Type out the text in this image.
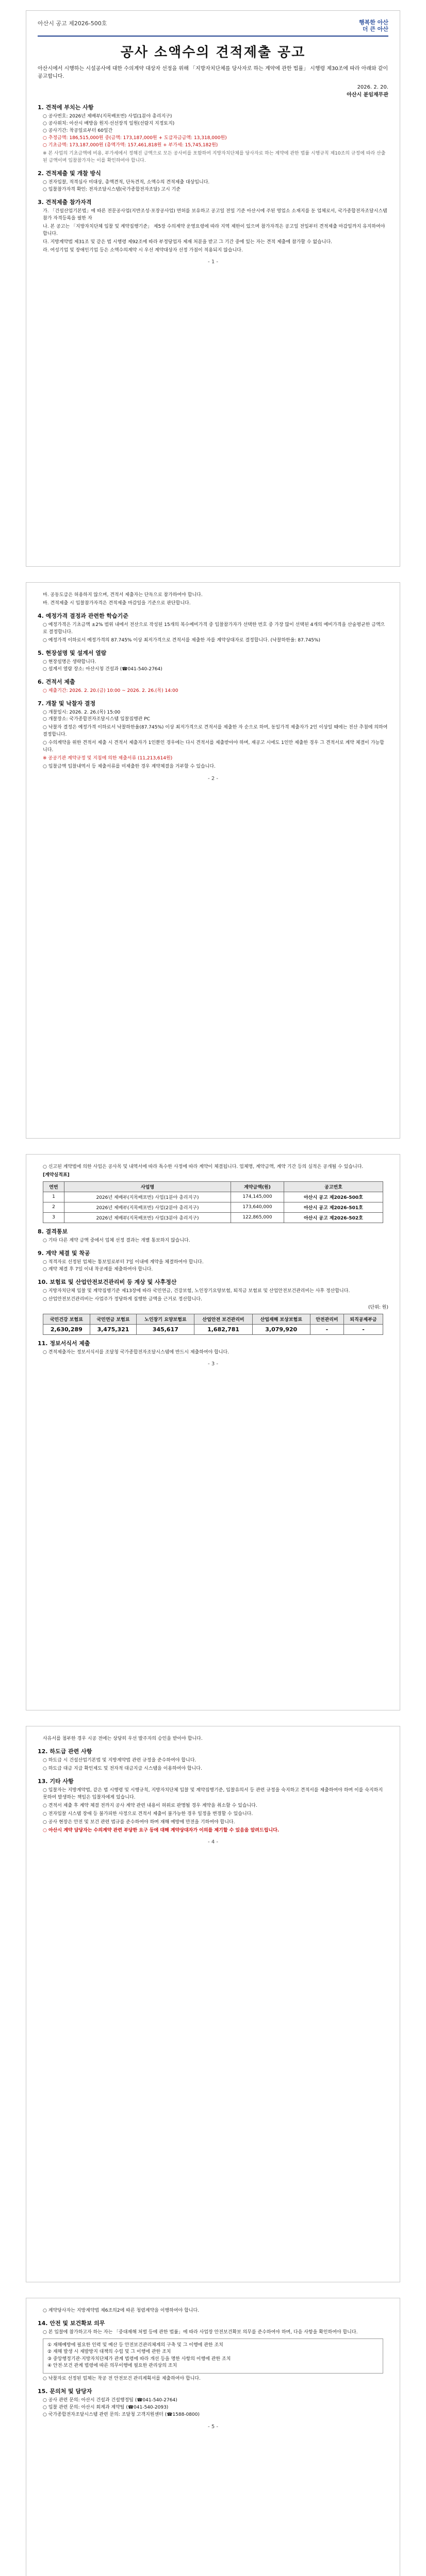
아산시 공고 제2026-500호	행복한 아산
더 큰 아산
공사 소액수의 견적제출 공고
아산시에서 시행하는 시설공사에 대한 수의계약 대상자 선정을 위해 「지방자치단체를 당사자로 하는 계약에 관한 법률」 시행령 제30조에 따라 아래와 같이 공고합니다.
2026. 2. 20.
아산시 분임재무관
1. 견적에 부치는 사항
○ 공사번호: 2026년 제배부(지목배포번) 사업(1분야 총리지구)
○ 공사위치: 아산시 배방읍 원지·선선장직 일원(선람지 지정토지)
○ 공사기간: 착공일로부터 60일간
○ 추정금액: 186,515,000원 중(금액: 173,187,000원 + 도급자금금액: 13,318,000원)
○ 기초금액: 173,187,000원 (총액가액: 157,461,818원 + 부가세: 15,745,182원)
※ 본 사업의 기초금액에 비용, 부가세에서 정해진 금액으로 모든 공사비를 포함하여 지방자치단체를 당사자로 하는 계약에 관한 법률 시행규칙 제10조의 규정에 따라 산출된 금액이며 입찰참가자는 이를 확인하여야 합니다.
2. 견적제출 및 개찰 방식
○ 전자입찰, 적격심사 미대상, 총액견적, 단독견적, 소액수의 견적제출 대상입니다.
○ 입찰참가자격 확인: 전자조달시스템(국가종합전자조달) 고시 기준
3. 견적제출 참가자격
가. 「건설산업기본법」에 따른 전문공사업(지반조성·포장공사업) 면허를 보유하고 공고일 전일 기준 아산시에 주된 영업소 소재지를 둔 업체로서, 국가종합전자조달시스템 참가 자격등록을 필한 자
나. 본 공고는 「지방자치단체 입찰 및 계약집행기준」 제5장 수의계약 운영요령에 따라 지역 제한이 있으며 참가자격은 공고일 전일부터 견적제출 마감일까지 유지하여야 합니다.
다. 지방계약법 제31조 및 같은 법 시행령 제92조에 따라 부정당업자 제재 처분을 받고 그 기간 중에 있는 자는 견적 제출에 참가할 수 없습니다.
라. 여성기업 및 장애인기업 등은 소액수의계약 시 우선 계약대상자 선정 가점이 적용되지 않습니다.
- 1 -
마. 공동도급은 허용하지 않으며, 견적서 제출자는 단독으로 참가하여야 합니다.
바. 견적제출 시 입찰참가자격은 견적제출 마감일을 기준으로 판단합니다.
4. 예정가격 결정과 관련한 학습기준
○ 예정가격은 기초금액 ±2% 범위 내에서 전산으로 작성된 15개의 복수예비가격 중 입찰참가자가 선택한 번호 중 가장 많이 선택된 4개의 예비가격을 산술평균한 금액으로 결정합니다.
○ 예정가격 이하로서 예정가격의 87.745% 이상 최저가격으로 견적서를 제출한 자를 계약상대자로 결정합니다. (낙찰하한율: 87.745%)
5. 현장설명 및 설계서 열람
○ 현장설명은 생략합니다.
○ 설계서 열람 장소: 아산시청 건설과 (☎041-540-2764)
6. 견적서 제출
○ 제출기간: 2026. 2. 20.(금) 10:00 ~ 2026. 2. 26.(목) 14:00
7. 개찰 및 낙찰자 결정
○ 개찰일시: 2026. 2. 26.(목) 15:00
○ 개찰장소: 국가종합전자조달시스템 입찰집행관 PC
○ 낙찰자 결정은 예정가격 이하로서 낙찰하한율(87.745%) 이상 최저가격으로 견적서를 제출한 자 순으로 하며, 동일가격 제출자가 2인 이상일 때에는 전산 추첨에 의하여 결정합니다.
○ 수의계약을 위한 견적서 제출 시 견적서 제출자가 1인뿐인 경우에는 다시 견적서를 제출받아야 하며, 재공고 시에도 1인만 제출한 경우 그 견적서로 계약 체결이 가능합니다.
※ 공공기관 계약규정 및 지침에 의한 제출서류 (11,213,614원)
○ 입찰금액 입찰내역서 등 제출서류를 미제출한 경우 계약체결을 거부할 수 있습니다.
- 2 -
○ 신고된 계약법에 의한 사업은 공사목 및 내역서에 따라 특수한 사정에 따라 계약이 체결됩니다. 업체명, 계약금액, 계약 기간 등의 실적은 공개될 수 있습니다.
[계약실적표]
연번	사업명	계약금액(원)	공고번호
1	2026년 제배부(지목배포번) 사업(1분야 총리지구)	174,145,000	아산시 공고 제2026-500호
2	2026년 제배부(지목배포번) 사업(2분야 총리지구)	173,640,000	아산시 공고 제2026-501호
3	2026년 제배부(지목배포번) 사업(3분야 총리지구)	122,865,000	아산시 공고 제2026-502호
8. 결격통보
○ 기타 다른 계약 금액 중에서 업체 선정 결과는 개별 통보하지 않습니다.
9. 계약 체결 및 착공
○ 적격자로 선정된 업체는 통보일로부터 7일 이내에 계약을 체결하여야 합니다.
○ 계약 체결 후 7일 이내 착공계를 제출하여야 합니다.
10. 보험료 및 산업안전보건관리비 등 계상 및 사후정산
○ 지방자치단체 입찰 및 계약집행기준 제13장에 따라 국민연금, 건강보험, 노인장기요양보험, 퇴직금 보험료 및 산업안전보건관리비는 사후 정산합니다.
○ 산업안전보건관리비는 사업주가 정당하게 집행한 금액을 근거로 정산합니다.
(단위: 원)
국민건강 보험료	국민연금 보험료	노인장기 요양보험료	산업안전 보건관리비	산업재해 보상보험료	안전관리비	퇴직공제부금
2,630,289	3,475,321	345,617	1,682,781	3,079,920	-	-
11. 정보서식서 제출
○ 견적제출자는 정보서식서를 조달청 국가종합전자조달시스템에 반드시 제출하여야 합니다.
- 3 -
사유서를 첨부한 경우 시공 전에는 상당히 우선 발주자의 승인을 받아야 합니다.
12. 하도급 관련 사항
○ 하도급 시 건설산업기본법 및 지방계약법 관련 규정을 준수하여야 합니다.
○ 하도급 대금 지급 확인제도 및 전자적 대금지급 시스템을 이용하여야 합니다.
13. 기타 사항
○ 입찰자는 지방계약법, 같은 법 시행령 및 시행규칙, 지방자치단체 입찰 및 계약집행기준, 입찰유의서 등 관련 규정을 숙지하고 견적서를 제출하여야 하며 이를 숙지하지 못하여 발생하는 책임은 입찰자에게 있습니다.
○ 견적서 제출 후 계약 체결 전까지 공사 계약 관련 내용이 허위로 판명될 경우 계약을 취소할 수 있습니다.
○ 전자입찰 시스템 장애 등 불가피한 사정으로 견적서 제출이 불가능한 경우 일정을 변경할 수 있습니다.
○ 공사 현장은 안전 및 보건 관련 법규를 준수하여야 하며 재해 예방에 만전을 기하여야 합니다.
○ 아산시 계약 담당자는 수의계약 관련 부당한 요구 등에 대해 계약상대자가 이의를 제기할 수 있음을 알려드립니다.
- 4 -
○ 계약당사자는 지방계약법 제6조의2에 따른 청렴계약을 이행하여야 합니다.
14. 안전 및 보건확보 의무
○ 본 입찰에 참가하고자 하는 자는 「중대재해 처벌 등에 관한 법률」에 따라 사업장 안전보건확보 의무를 준수하여야 하며, 다음 사항을 확인하여야 합니다.
① 재해예방에 필요한 인력 및 예산 등 안전보건관리체계의 구축 및 그 이행에 관한 조치
② 재해 발생 시 재발방지 대책의 수립 및 그 이행에 관한 조치
③ 중앙행정기관·지방자치단체가 관계 법령에 따라 개선 등을 명한 사항의 이행에 관한 조치
④ 안전·보건 관계 법령에 따른 의무이행에 필요한 관리상의 조치
○ 낙찰자로 선정된 업체는 착공 전 안전보건 관리계획서를 제출하여야 합니다.
15. 문의처 및 담당자
○ 공사 관련 문의: 아산시 건설과 건설행정팀 (☎041-540-2764)
○ 입찰 관련 문의: 아산시 회계과 계약팀 (☎041-540-2093)
○ 국가종합전자조달시스템 관련 문의: 조달청 고객지원센터 (☎1588-0800)
- 5 -
